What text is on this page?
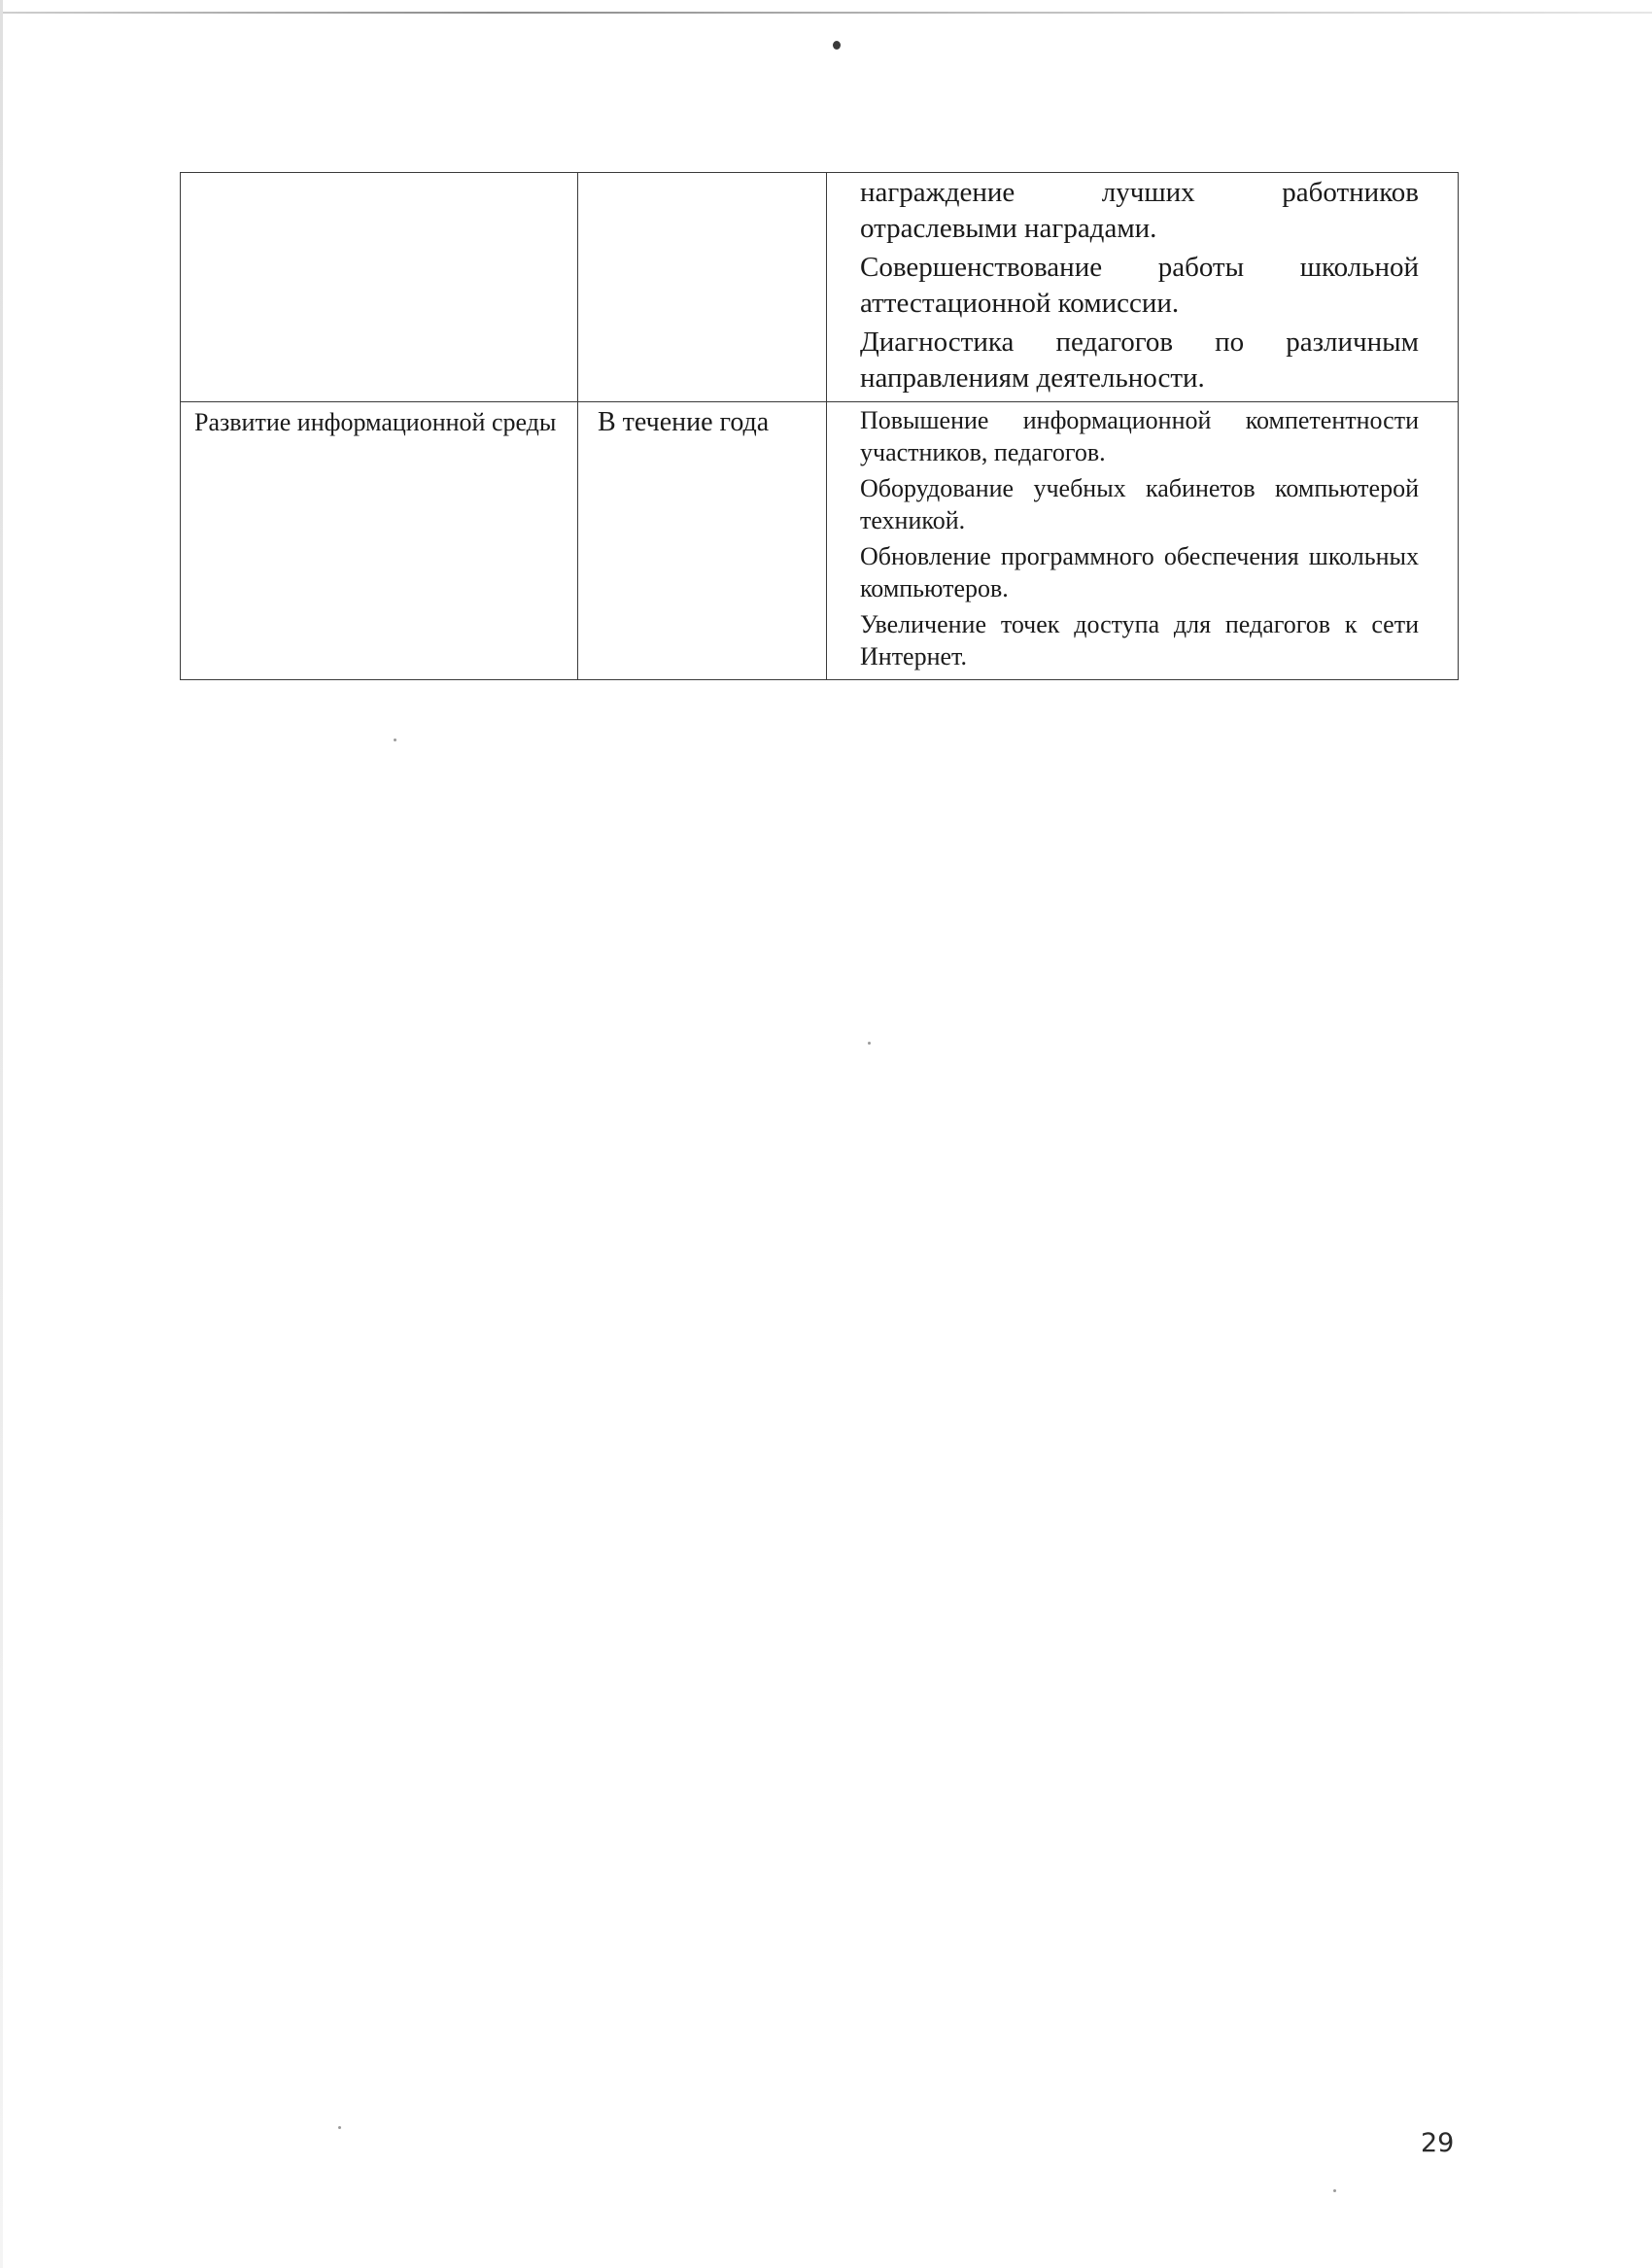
		награждение лучших работников отраслевыми наградами.

Совершенствование работы школьной аттестационной комиссии.

Диагностика педагогов по различным направлениям деятельности.

Развитие информационной среды	В течение года	Повышение информационной компетентности участников, педагогов.

Оборудование учебных кабинетов компьютерой техникой.

Обновление программного обеспечения школьных компьютеров.

Увеличение точек доступа для педагогов к сети Интернет.

29
